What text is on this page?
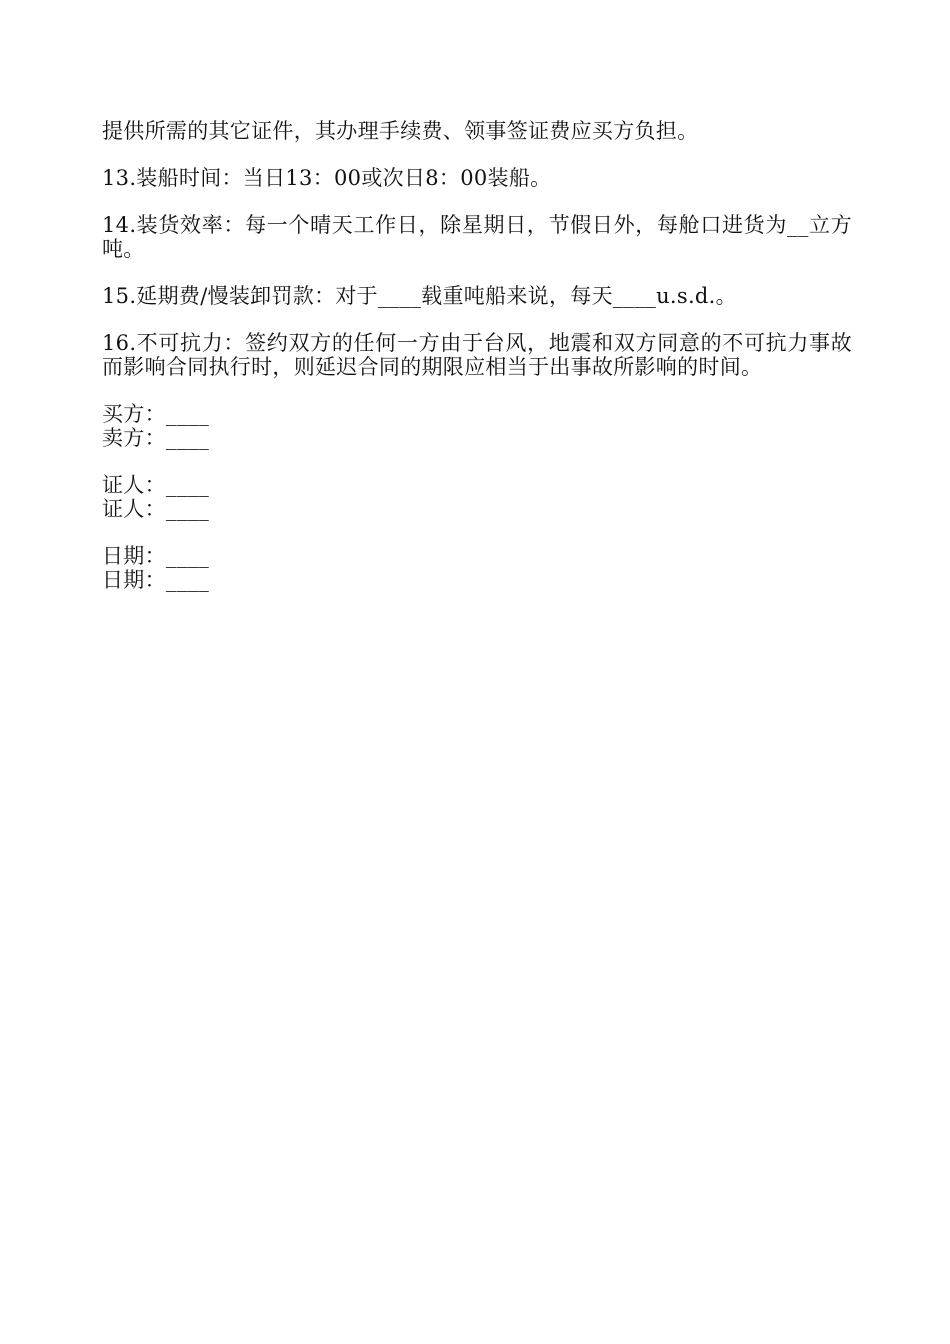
提供所需的其它证件，其办理手续费、领事签证费应买方负担。

13.装船时间：当日13：00或次日8：00装船。

14.装货效率：每一个晴天工作日，除星期日，节假日外，每舱口进货为__立方吨。

15.延期费/慢装卸罚款：对于____载重吨船来说，每天____u.s.d.。

16.不可抗力：签约双方的任何一方由于台风，地震和双方同意的不可抗力事故而影响合同执行时，则延迟合同的期限应相当于出事故所影响的时间。

买方：____
卖方：____
证人：____
证人：____
日期：____
日期：____
